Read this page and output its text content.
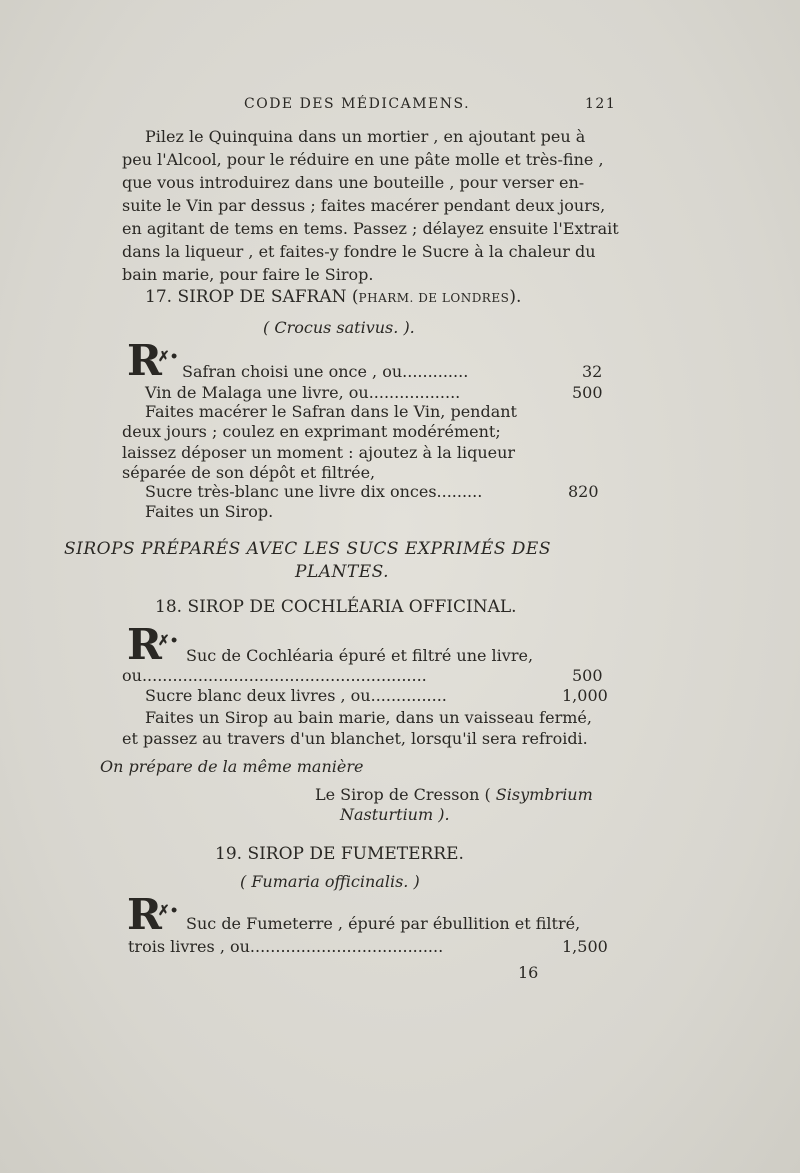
CODE DES MÉDICAMENS.	121
Pilez le Quinquina dans un mortier , en ajoutant peu à
peu l'Alcool, pour le réduire en une pâte molle et très-fine ,
que vous introduirez dans une bouteille , pour verser en-
suite le Vin par dessus ; faites macérer pendant deux jours,
en agitant de tems en tems. Passez ; délayez ensuite l'Extrait
dans la liqueur , et faites-y fondre le Sucre à la chaleur du
bain marie, pour faire le Sirop.
17. SIROP DE SAFRAN (PHARM. DE LONDRES).
( Crocus sativus. ).
R✗•
Safran choisi une once , ou.............	32
Vin de Malaga une livre, ou..................	500
Faites macérer le Safran dans le Vin, pendant
deux jours ; coulez en exprimant modérément;
laissez déposer un moment : ajoutez à la liqueur
séparée de son dépôt et filtrée,
Sucre très-blanc une livre dix onces.........	820
Faites un Sirop.
SIROPS PRÉPARÉS AVEC LES SUCS EXPRIMÉS DES
PLANTES.
18. SIROP DE COCHLÉARIA OFFICINAL.
R✗•
Suc de Cochléaria épuré et filtré une livre,
ou........................................................	500
Sucre blanc deux livres , ou...............	1,000
Faites un Sirop au bain marie, dans un vaisseau fermé,
et passez au travers d'un blanchet, lorsqu'il sera refroidi.
On prépare de la même manière
Le Sirop de Cresson ( Sisymbrium
Nasturtium ).
19. SIROP DE FUMETERRE.
( Fumaria officinalis. )
R✗•
Suc de Fumeterre , épuré par ébullition et filtré,
trois livres , ou......................................	1,500
16
